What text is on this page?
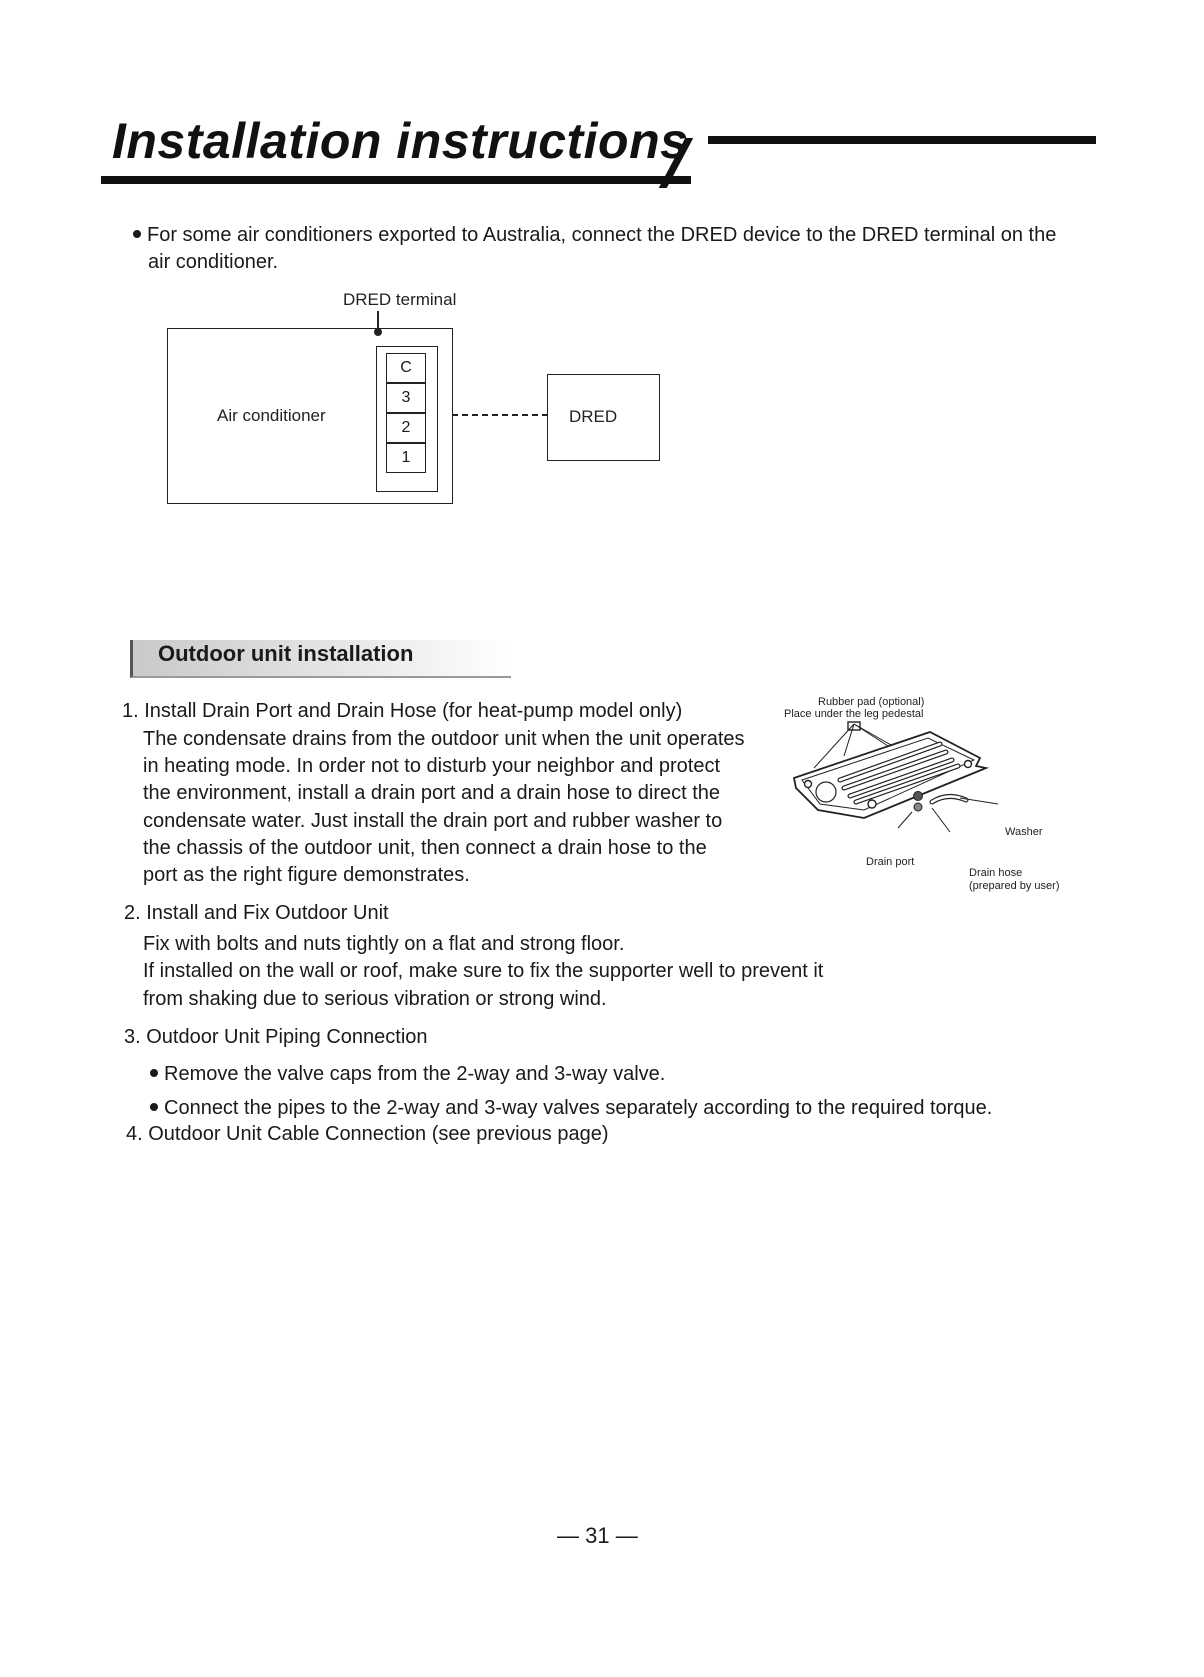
Installation instructions
For some air conditioners exported to Australia, connect the DRED device to the DRED terminal on the
air conditioner.
DRED terminal
Air conditioner
C
3
2
1
DRED
Outdoor unit installation
1. Install Drain Port and Drain Hose (for heat-pump model only)
The condensate drains from the outdoor unit when the unit operates
in heating mode. In order not to disturb your neighbor and protect
the environment, install a drain port and a drain hose to direct the
condensate water. Just install the drain port and rubber washer to
the chassis of the outdoor unit, then connect a drain hose to the
port as the right figure demonstrates.
Rubber pad (optional)
Place under the leg pedestal
Washer
Drain port
Drain hose
(prepared by user)
2. Install and Fix Outdoor Unit
Fix with bolts and nuts tightly on a flat and strong floor.
If installed on the wall or roof, make sure to fix the supporter well to prevent it
from shaking due to serious vibration or strong wind.
3. Outdoor Unit Piping Connection
Remove the valve caps from the 2-way and 3-way valve.
Connect the pipes to the 2-way and 3-way valves separately according to the required torque.
4. Outdoor Unit Cable Connection (see previous page)
— 31 —
